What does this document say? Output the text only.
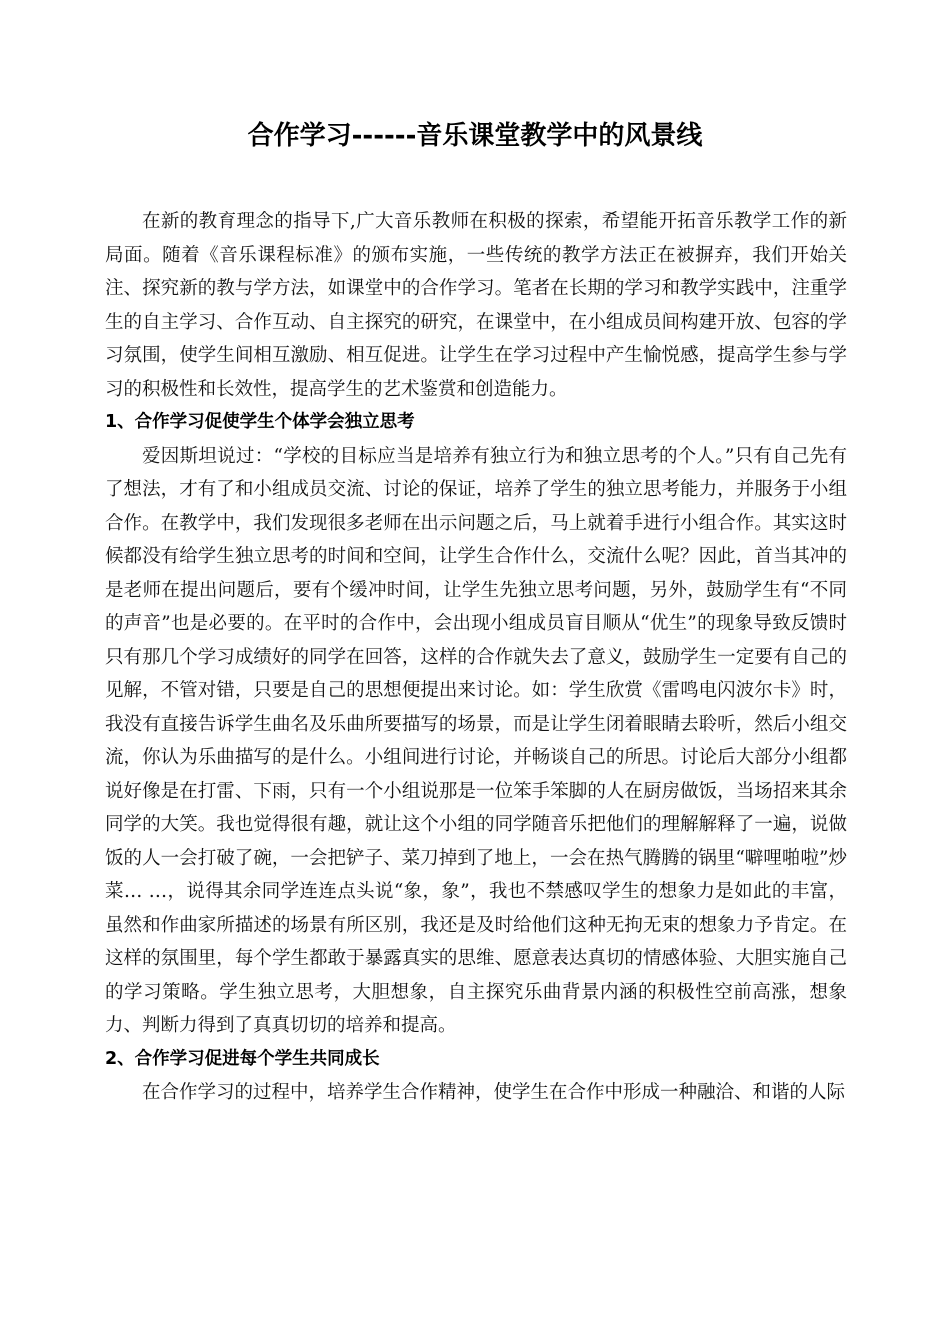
合作学习------音乐课堂教学中的风景线

在新的教育理念的指导下,广大音乐教师在积极的探索，希望能开拓音乐教学工作的新局面。随着《音乐课程标准》的颁布实施，一些传统的教学方法正在被摒弃，我们开始关注、探究新的教与学方法，如课堂中的合作学习。笔者在长期的学习和教学实践中，注重学生的自主学习、合作互动、自主探究的研究，在课堂中，在小组成员间构建开放、包容的学习氛围，使学生间相互激励、相互促进。让学生在学习过程中产生愉悦感，提高学生参与学习的积极性和长效性，提高学生的艺术鉴赏和创造能力。

1、合作学习促使学生个体学会独立思考

爱因斯坦说过：“学校的目标应当是培养有独立行为和独立思考的个人。”只有自己先有了想法，才有了和小组成员交流、讨论的保证，培养了学生的独立思考能力，并服务于小组合作。在教学中，我们发现很多老师在出示问题之后，马上就着手进行小组合作。其实这时候都没有给学生独立思考的时间和空间，让学生合作什么，交流什么呢？因此，首当其冲的是老师在提出问题后，要有个缓冲时间，让学生先独立思考问题，另外，鼓励学生有“不同的声音”也是必要的。在平时的合作中，会出现小组成员盲目顺从“优生”的现象导致反馈时只有那几个学习成绩好的同学在回答，这样的合作就失去了意义，鼓励学生一定要有自己的见解，不管对错，只要是自己的思想便提出来讨论。如：学生欣赏《雷鸣电闪波尔卡》时，我没有直接告诉学生曲名及乐曲所要描写的场景，而是让学生闭着眼睛去聆听，然后小组交流，你认为乐曲描写的是什么。小组间进行讨论，并畅谈自己的所思。讨论后大部分小组都说好像是在打雷、下雨，只有一个小组说那是一位笨手笨脚的人在厨房做饭，当场招来其余同学的大笑。我也觉得很有趣，就让这个小组的同学随音乐把他们的理解解释了一遍，说做饭的人一会打破了碗，一会把铲子、菜刀掉到了地上，一会在热气腾腾的锅里“噼哩啪啦”炒菜… …，说得其余同学连连点头说“象，象”，我也不禁感叹学生的想象力是如此的丰富，虽然和作曲家所描述的场景有所区别，我还是及时给他们这种无拘无束的想象力予肯定。在这样的氛围里，每个学生都敢于暴露真实的思维、愿意表达真切的情感体验、大胆实施自己的学习策略。学生独立思考，大胆想象，自主探究乐曲背景内涵的积极性空前高涨，想象力、判断力得到了真真切切的培养和提高。

2、合作学习促进每个学生共同成长

在合作学习的过程中，培养学生合作精神，使学生在合作中形成一种融洽、和谐的人际
